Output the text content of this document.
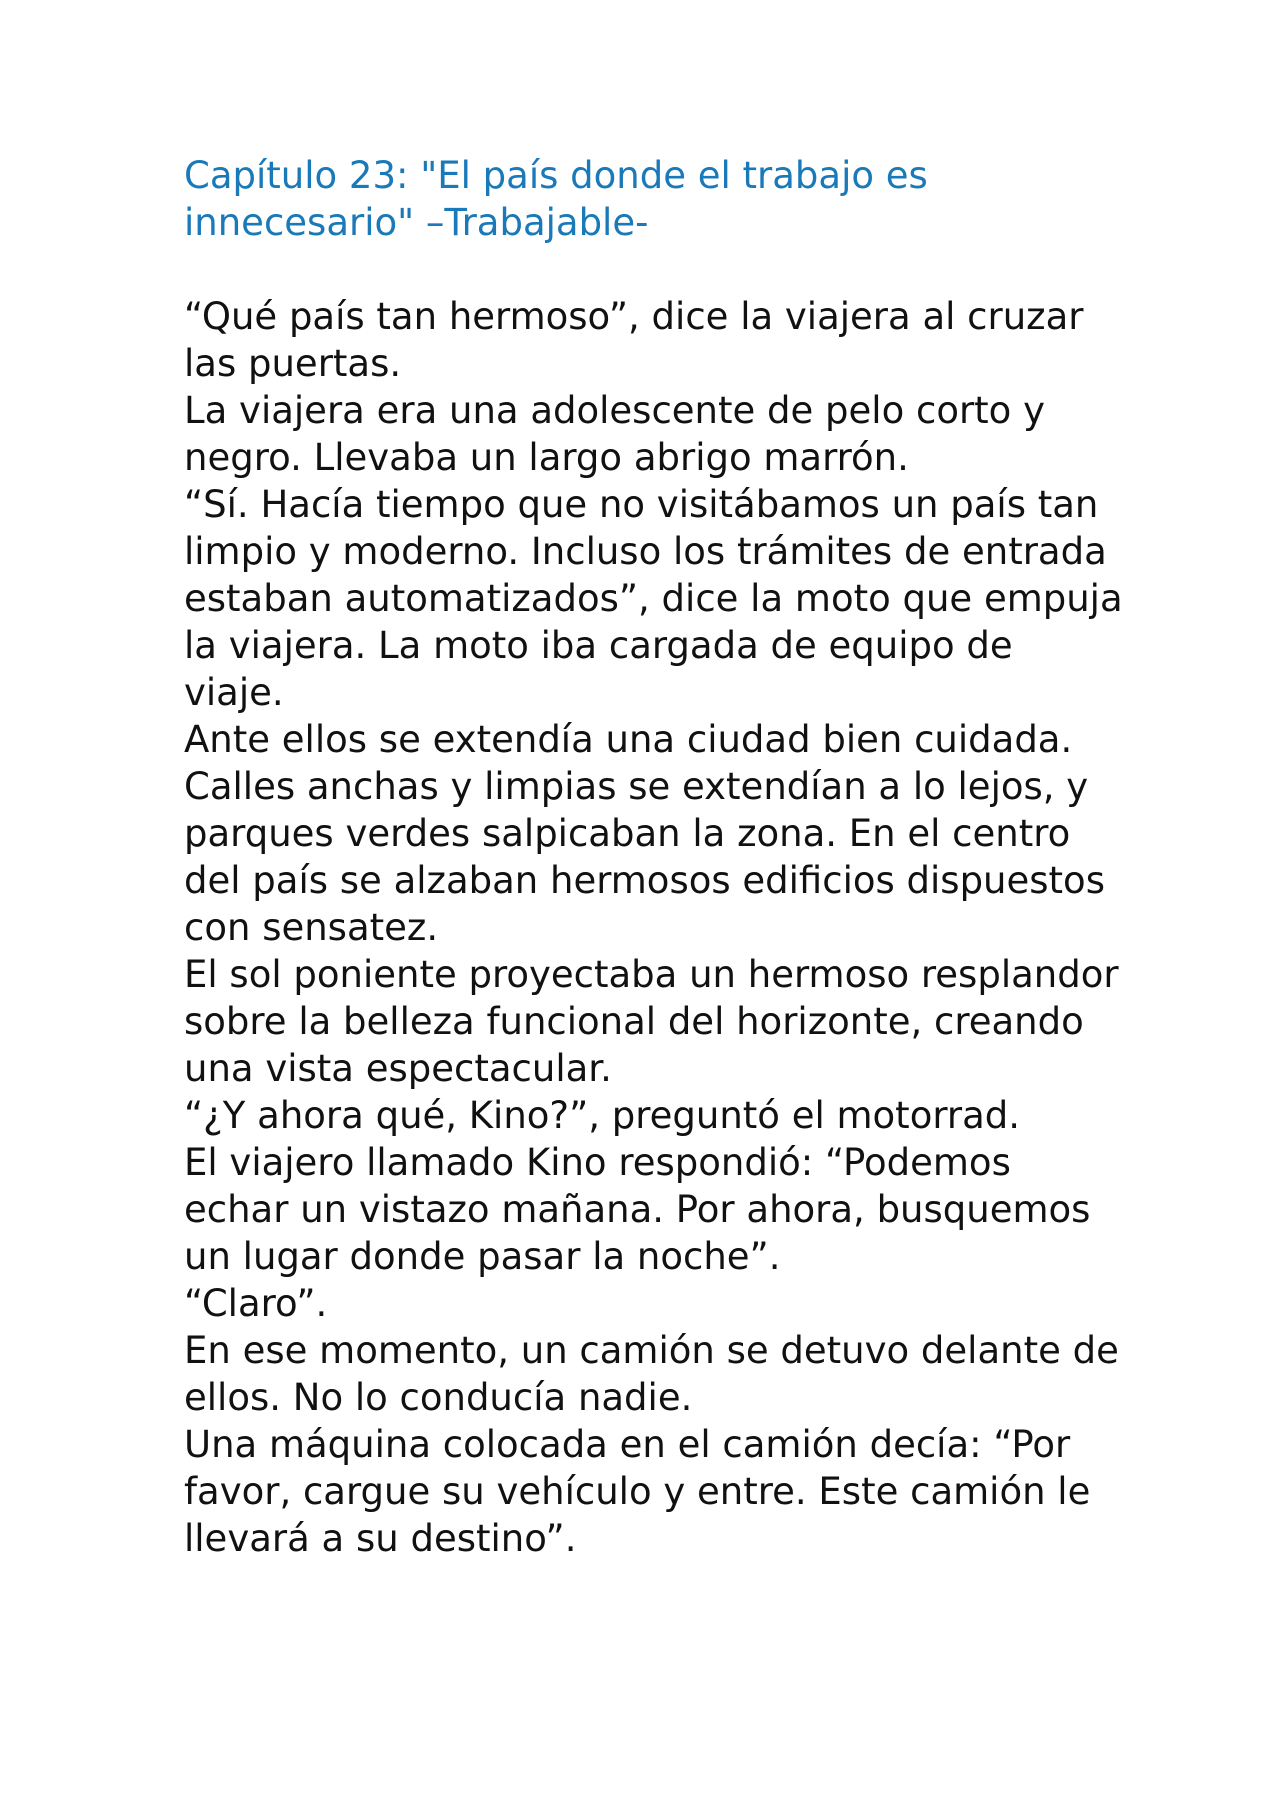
Capítulo 23: "El país donde el trabajo es innecesario" –Trabajable-

“Qué país tan hermoso”, dice la viajera al cruzar las puertas.

La viajera era una adolescente de pelo corto y negro. Llevaba un largo abrigo marrón.

“Sí. Hacía tiempo que no visitábamos un país tan limpio y moderno. Incluso los trámites de entrada estaban automatizados”, dice la moto que empuja la viajera. La moto iba cargada de equipo de viaje.

Ante ellos se extendía una ciudad bien cuidada. Calles anchas y limpias se extendían a lo lejos, y parques verdes salpicaban la zona. En el centro del país se alzaban hermosos edificios dispuestos con sensatez.

El sol poniente proyectaba un hermoso resplandor sobre la belleza funcional del horizonte, creando una vista espectacular.

“¿Y ahora qué, Kino?”, preguntó el motorrad.

El viajero llamado Kino respondió: “Podemos echar un vistazo mañana. Por ahora, busquemos un lugar donde pasar la noche”.

“Claro”.

En ese momento, un camión se detuvo delante de ellos. No lo conducía nadie.

Una máquina colocada en el camión decía: “Por favor, cargue su vehículo y entre. Este camión le llevará a su destino”.
